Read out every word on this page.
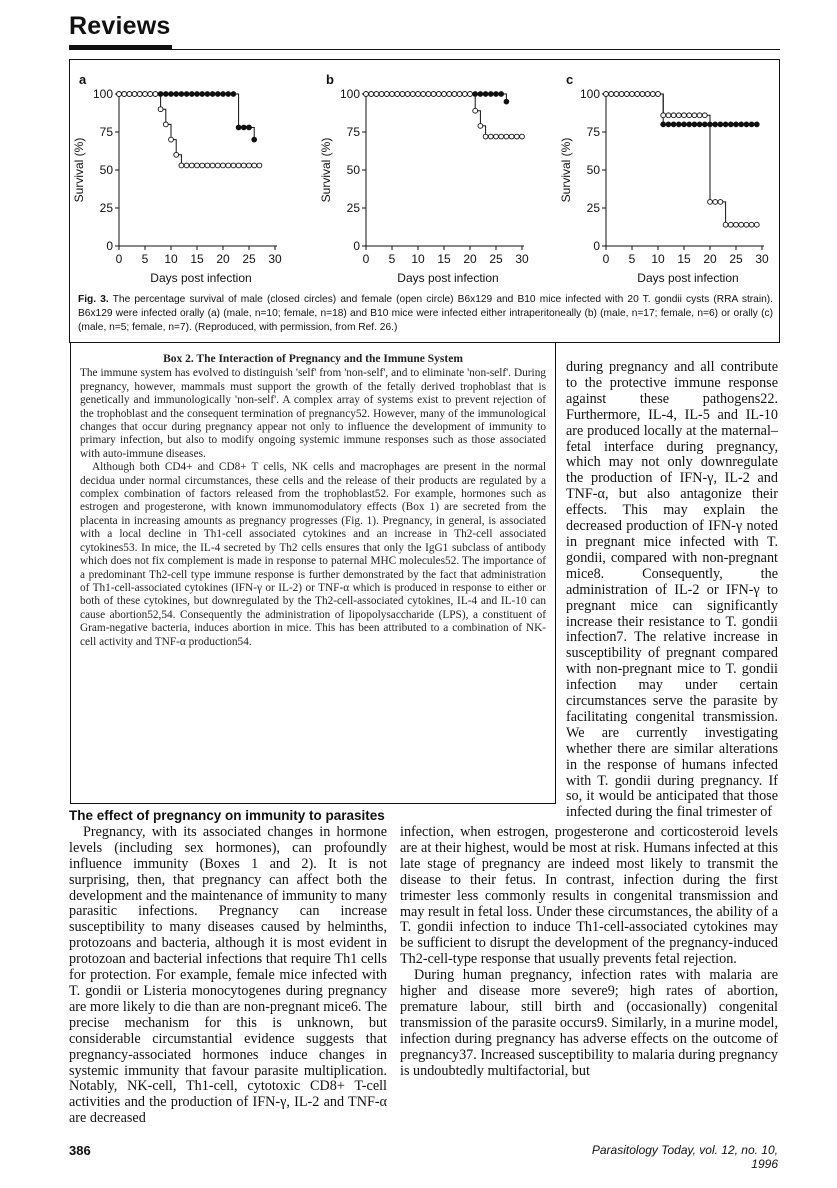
Reviews
a
0
25
50
75
100
0 5 10 15 20 25 30
Days post infection
Survival (%)
b
0
25
50
75
100
0 5 10 15 20 25 30
Days post infection
Survival (%)
c
0
25
50
75
100
0 5 10 15 20 25 30
Days post infection
Survival (%)
Fig. 3. The percentage survival of male (closed circles) and female (open circle) B6x129 and B10 mice infected with 20 T. gondii cysts (RRA strain). B6x129 were infected orally (a) (male, n=10; female, n=18) and B10 mice were infected either intraperitoneally (b) (male, n=17; female, n=6) or orally (c) (male, n=5; female, n=7). (Reproduced, with permission, from Ref. 26.)
Box 2. The Interaction of Pregnancy and the Immune System

The immune system has evolved to distinguish 'self' from 'non-self', and to eliminate 'non-self'. During pregnancy, however, mammals must support the growth of the fetally derived trophoblast that is genetically and immunologically 'non-self'. A complex array of systems exist to prevent rejection of the trophoblast and the consequent termination of pregnancy52. However, many of the immunological changes that occur during pregnancy appear not only to influence the development of immunity to primary infection, but also to modify ongoing systemic immune responses such as those associated with auto-immune diseases.

Although both CD4+ and CD8+ T cells, NK cells and macrophages are present in the normal decidua under normal circumstances, these cells and the release of their products are regulated by a complex combination of factors released from the trophoblast52. For example, hormones such as estrogen and progesterone, with known immunomodulatory effects (Box 1) are secreted from the placenta in increasing amounts as pregnancy progresses (Fig. 1). Pregnancy, in general, is associated with a local decline in Th1-cell associated cytokines and an increase in Th2-cell associated cytokines53. In mice, the IL-4 secreted by Th2 cells ensures that only the IgG1 subclass of antibody which does not fix complement is made in response to paternal MHC molecules52. The importance of a predominant Th2-cell type immune response is further demonstrated by the fact that administration of Th1-cell-associated cytokines (IFN-γ or IL-2) or TNF-α which is produced in response to either or both of these cytokines, but downregulated by the Th2-cell-associated cytokines, IL-4 and IL-10 can cause abortion52,54. Consequently the administration of lipopolysaccharide (LPS), a constituent of Gram-negative bacteria, induces abortion in mice. This has been attributed to a combination of NK-cell activity and TNF-α production54.

during pregnancy and all contribute to the protective immune response against these pathogens22. Furthermore, IL-4, IL-5 and IL-10 are produced locally at the maternal–fetal interface during pregnancy, which may not only downregulate the production of IFN-γ, IL-2 and TNF-α, but also antagonize their effects. This may explain the decreased production of IFN-γ noted in pregnant mice infected with T. gondii, compared with non-pregnant mice8. Consequently, the administration of IL-2 or IFN-γ to pregnant mice can significantly increase their resistance to T. gondii infection7. The relative increase in susceptibility of pregnant compared with non-pregnant mice to T. gondii infection may under certain circumstances serve the parasite by facilitating congenital transmission. We are currently investigating whether there are similar alterations in the response of humans infected with T. gondii during pregnancy. If so, it would be anticipated that those infected during the final trimester of

The effect of pregnancy on immunity to parasites

Pregnancy, with its associated changes in hormone levels (including sex hormones), can profoundly influence immunity (Boxes 1 and 2). It is not surprising, then, that pregnancy can affect both the development and the maintenance of immunity to many parasitic infections. Pregnancy can increase susceptibility to many diseases caused by helminths, protozoans and bacteria, although it is most evident in protozoan and bacterial infections that require Th1 cells for protection. For example, female mice infected with T. gondii or Listeria monocytogenes during pregnancy are more likely to die than are non-pregnant mice6. The precise mechanism for this is unknown, but considerable circumstantial evidence suggests that pregnancy-associated hormones induce changes in systemic immunity that favour parasite multiplication. Notably, NK-cell, Th1-cell, cytotoxic CD8+ T-cell activities and the production of IFN-γ, IL-2 and TNF-α are decreased

infection, when estrogen, progesterone and corticosteroid levels are at their highest, would be most at risk. Humans infected at this late stage of pregnancy are indeed most likely to transmit the disease to their fetus. In contrast, infection during the first trimester less commonly results in congenital transmission and may result in fetal loss. Under these circumstances, the ability of a T. gondii infection to induce Th1-cell-associated cytokines may be sufficient to disrupt the development of the pregnancy-induced Th2-cell-type response that usually prevents fetal rejection.

During human pregnancy, infection rates with malaria are higher and disease more severe9; high rates of abortion, premature labour, still birth and (occasionally) congenital transmission of the parasite occurs9. Similarly, in a murine model, infection during pregnancy has adverse effects on the outcome of pregnancy37. Increased susceptibility to malaria during pregnancy is undoubtedly multifactorial, but

386	Parasitology Today, vol. 12, no. 10, 1996
